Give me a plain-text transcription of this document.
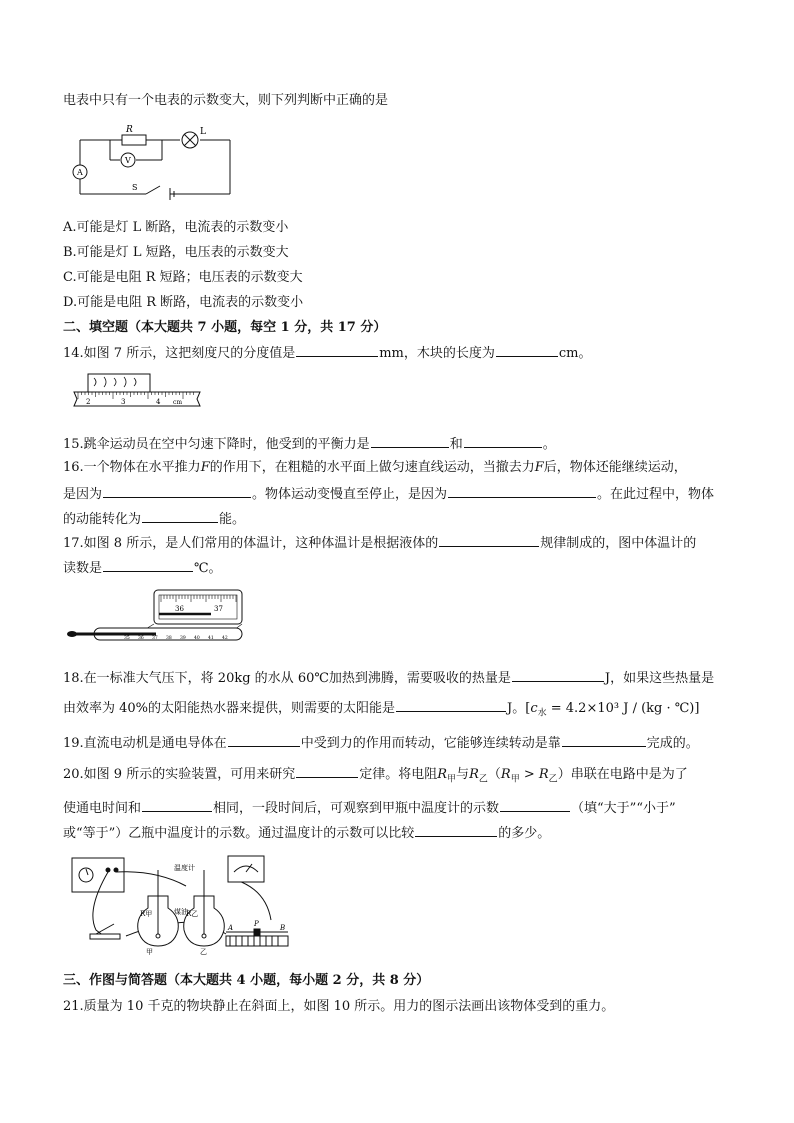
电表中只有一个电表的示数变大，则下列判断中正确的是
R	L
V
A
S
A.可能是灯 L 断路，电流表的示数变小
B.可能是灯 L 短路，电压表的示数变大
C.可能是电阻 R 短路；电压表的示数变大
D.可能是电阻 R 断路，电流表的示数变小
二、填空题（本大题共 7 小题，每空 1 分，共 17 分）
14.如图 7 所示，这把刻度尺的分度值是	mm，木块的长度为	cm。
2	3	4 cm
15.跳伞运动员在空中匀速下降时，他受到的平衡力是	和	。
16.一个物体在水平推力F的作用下，在粗糙的水平面上做匀速直线运动，当撤去力F后，物体还能继续运动，
是因为	。物体运动变慢直至停止，是因为	。在此过程中，物体
的动能转化为	能。
17.如图 8 所示，是人们常用的体温计，这种体温计是根据液体的	规律制成的，图中体温计的
读数是	℃。
36	37
35 36 37 38 39 40 41 42
18.在一标准大气压下，将 20kg 的水从 60℃加热到沸腾，需要吸收的热量是	J，如果这些热量是
由效率为 40%的太阳能热水器来提供，则需要的太阳能是	J。[$c_水 = 4.2\times 10^3$ J / (kg · ℃)]
19.直流电动机是通电导体在	中受到力的作用而转动，它能够连续转动是靠	完成的。
20.如图 9 所示的实验装置，可用来研究	定律。将电阻$R_甲$与$R_乙(R_甲 > R_乙)$串联在电路中是为了
使通电时间和	相同，一段时间后，可观察到甲瓶中温度计的示数	（填“大于”“小于”
或“等于”）乙瓶中温度计的示数。通过温度计的示数可以比较	的多少。
温度计
煤油
R甲	R乙
甲	乙
A	P	B
三、作图与简答题（本大题共 4 小题，每小题 2 分，共 8 分）
21.质量为 10 千克的物块静止在斜面上，如图 10 所示。用力的图示法画出该物体受到的重力。
